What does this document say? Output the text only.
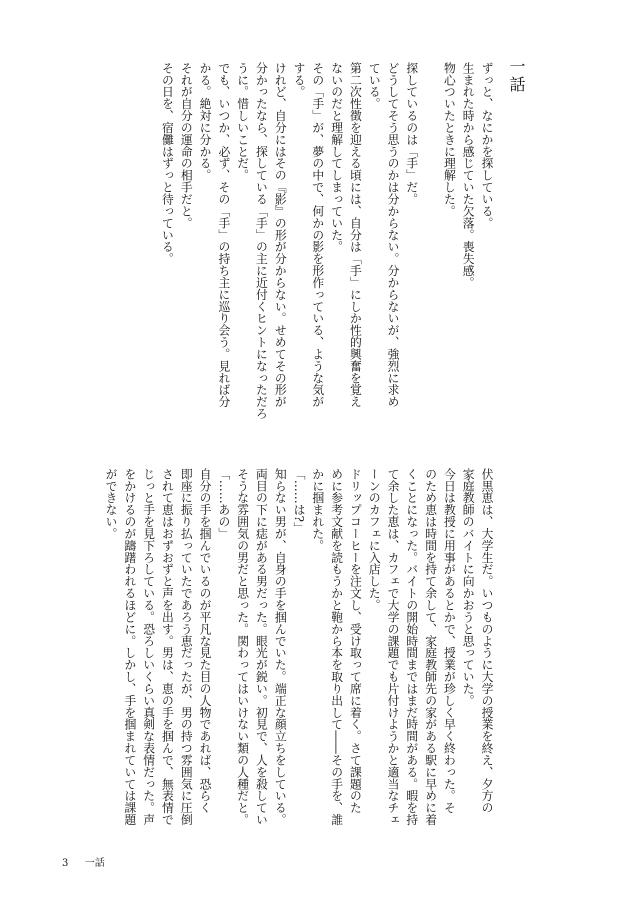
一話
ずっと、なにかを探している。
生まれた時から感じていた欠落。喪失感。
物心ついたときに理解した。
探しているのは「手」だ。
どうしてそう思うのかは分からない。分からないが、強烈に求め
ている。
第二次性徴を迎える頃には、自分は「手」にしか性的興奮を覚え
ないのだと理解してしまっていた。
その「手」が、夢の中で、何かの影を形作っている、ような気が
する。
けれど、自分にはその『影』の形が分からない。せめてその形が
分かったなら、探している「手」の主に近付くヒントになっただろ
うに。惜しいことだ。
でも、いつか、必ず、その「手」の持ち主に巡り会う。見れば分
かる。絶対に分かる。
それが自分の運命の相手だと。
その日を、宿儺はずっと待っている。
伏黒恵は、大学生だ。いつものように大学の授業を終え、夕方の
家庭教師のバイトに向かおうと思っていた。
今日は教授に用事があるとかで、授業が珍しく早く終わった。そ
のため恵は時間を持て余して、家庭教師先の家がある駅に早めに着
くことになった。バイトの開始時間まではまだ時間がある。暇を持
て余した恵は、カフェで大学の課題でも片付けようかと適当なチェ
ーンのカフェに入店した。
ドリップコーヒーを注文し、受け取って席に着く。さて課題のた
めに参考文献を読もうかと鞄から本を取り出して――その手を、誰
かに掴まれた。
「……は?」
知らない男が、自身の手を掴んでいた。端正な顔立ちをしている。
両目の下に痣がある男だった。眼光が鋭い。初見で、人を殺してい
そうな雰囲気の男だと思った。関わってはいけない類の人種だと。
「……あの」
自分の手を掴んでいるのが平凡な見た目の人物であれば、恐らく
即座に振り払っていたであろう恵だったが、男の持つ雰囲気に圧倒
されて恵はおずおずと声を出す。男は、恵の手を掴んで、無表情で
じっと手を見下ろしている。恐ろしいくらい真剣な表情だった。声
をかけるのが躊躇われるほどに。しかし、手を掴まれていては課題
ができない。
3 一話
